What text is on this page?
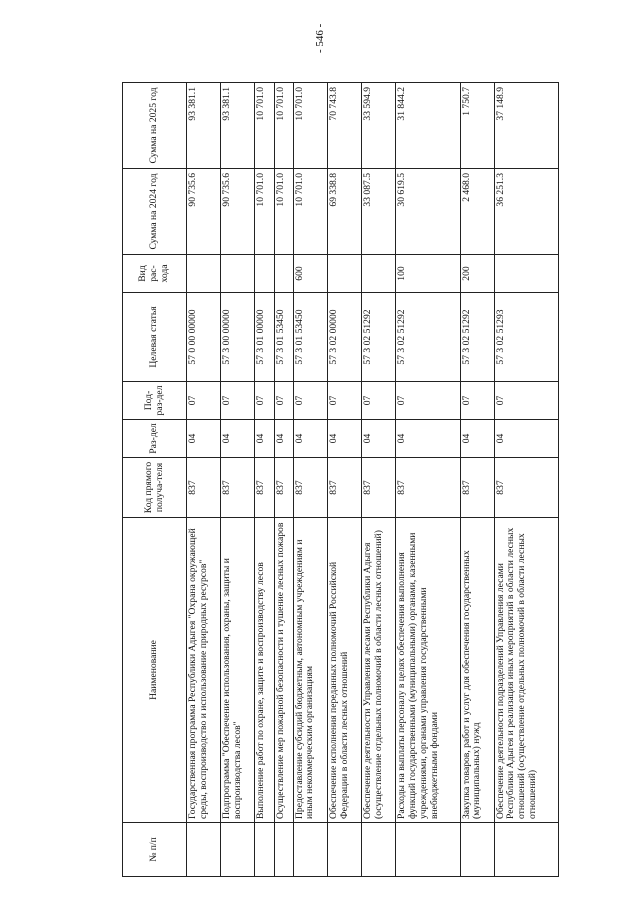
- 546 -
№ п/п	Наименование	Код прямого получа-теля	Раз-дел	Под-раз-дел	Целевая статья	Вид рас-хода	Сумма на 2024 год	Сумма на 2025 год
	Государственная программа Республики Адыгея "Охрана окружающей среды, воспроизводство и использование природных ресурсов"	837	04	07	57 0 00 00000		90 735.6	93 381.1
	Подпрограмма "Обеспечение использования, охраны, защиты и воспроизводства лесов"	837	04	07	57 3 00 00000		90 735.6	93 381.1
	Выполнение работ по охране, защите и воспроизводству лесов	837	04	07	57 3 01 00000		10 701.0	10 701.0
	Осуществление мер пожарной безопасности и тушение лесных пожаров	837	04	07	57 3 01 53450		10 701.0	10 701.0
	Предоставление субсидий бюджетным, автономным учреждениям и иным некоммерческим организациям	837	04	07	57 3 01 53450	600	10 701.0	10 701.0
	Обеспечение исполнения переданных полномочий Российской Федерации в области лесных отношений	837	04	07	57 3 02 00000		69 338.8	70 743.8
	Обеспечение деятельности Управления лесами Республики Адыгея (осуществление отдельных полномочий в области лесных отношений)	837	04	07	57 3 02 51292		33 087.5	33 594.9
	Расходы на выплаты персоналу в целях обеспечения выполнения функций государственными (муниципальными) органами, казенными учреждениями, органами управления государственными внебюджетными фондами	837	04	07	57 3 02 51292	100	30 619.5	31 844.2
	Закупка товаров, работ и услуг для обеспечения государственных (муниципальных) нужд	837	04	07	57 3 02 51292	200	2 468.0	1 750.7
	Обеспечение деятельности подразделений Управления лесами Республики Адыгея и реализация иных мероприятий в области лесных отношений (осуществление отдельных полномочий в области лесных отношений)	837	04	07	57 3 02 51293		36 251.3	37 148.9
